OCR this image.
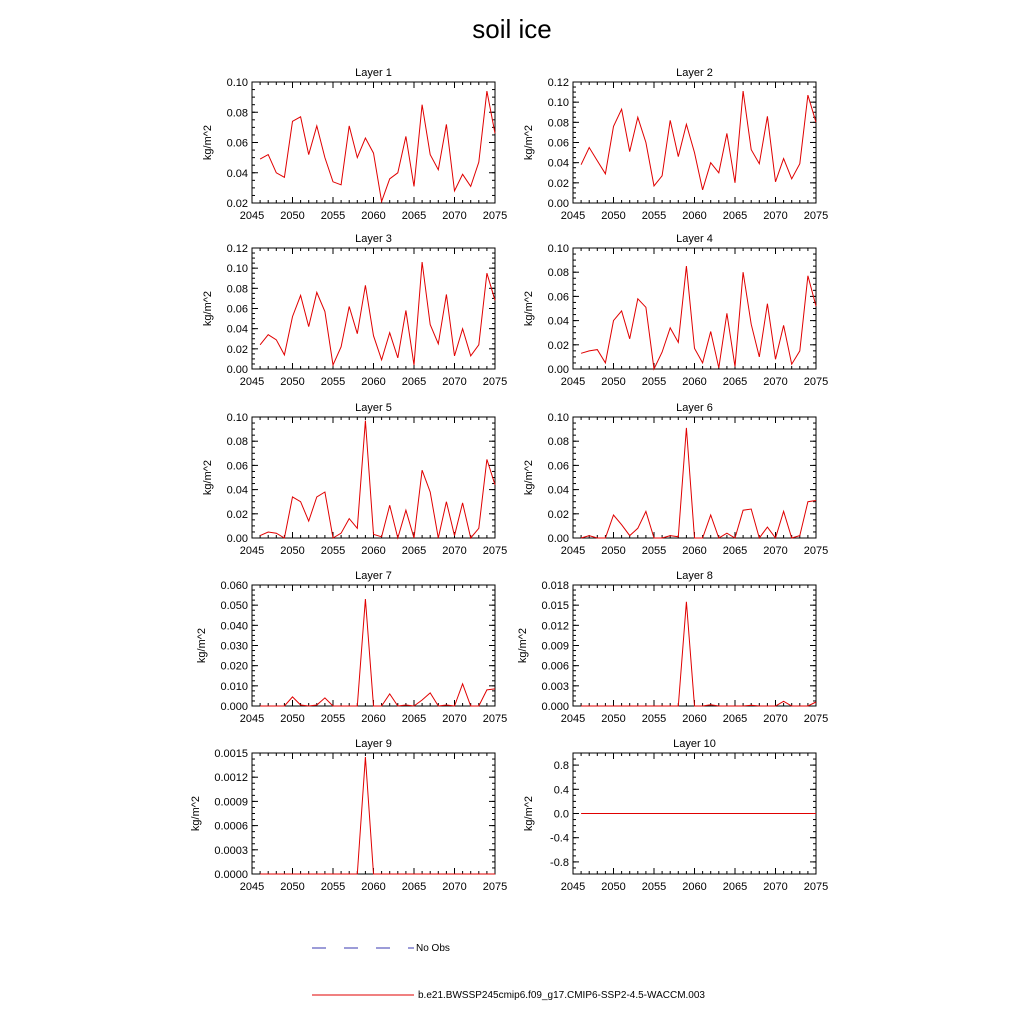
soil ice
Layer 1
2045 2050 2055 2060 2065 2070 2075
0.02
0.04
0.06
0.08
0.10
kg/m^2
Layer 2
2045 2050 2055 2060 2065 2070 2075
0.00
0.02
0.04
0.06
0.08
0.10
0.12
kg/m^2
Layer 3
2045 2050 2055 2060 2065 2070 2075
0.00
0.02
0.04
0.06
0.08
0.10
0.12
kg/m^2
Layer 4
2045 2050 2055 2060 2065 2070 2075
0.00
0.02
0.04
0.06
0.08
0.10
kg/m^2
Layer 5
2045 2050 2055 2060 2065 2070 2075
0.00
0.02
0.04
0.06
0.08
0.10
kg/m^2
Layer 6
2045 2050 2055 2060 2065 2070 2075
0.00
0.02
0.04
0.06
0.08
0.10
kg/m^2
Layer 7
2045 2050 2055 2060 2065 2070 2075
0.000
0.010
0.020
0.030
0.040
0.050
0.060
kg/m^2
Layer 8
2045 2050 2055 2060 2065 2070 2075
0.000
0.003
0.006
0.009
0.012
0.015
0.018
kg/m^2
Layer 9
2045 2050 2055 2060 2065 2070 2075
0.0000
0.0003
0.0006
0.0009
0.0012
0.0015
kg/m^2
Layer 10
2045 2050 2055 2060 2065 2070 2075
-0.8
-0.4
0.0
0.4
0.8
kg/m^2
No Obs
b.e21.BWSSP245cmip6.f09_g17.CMIP6-SSP2-4.5-WACCM.003
